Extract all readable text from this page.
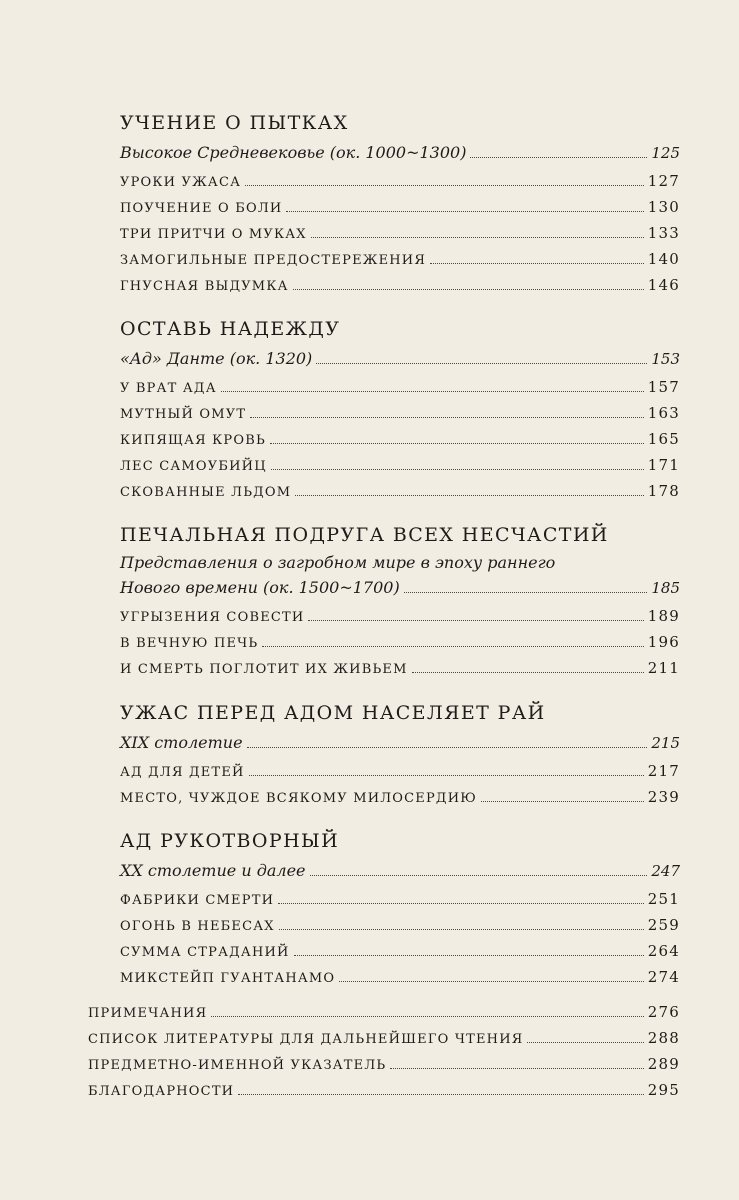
УЧЕНИЕ О ПЫТКАХ
Высокое Средневековье (ок. 1000~1300)	125
УРОКИ УЖАСА	127
ПОУЧЕНИЕ О БОЛИ	130
ТРИ ПРИТЧИ О МУКАХ	133
ЗАМОГИЛЬНЫЕ ПРЕДОСТЕРЕЖЕНИЯ	140
ГНУСНАЯ ВЫДУМКА	146
ОСТАВЬ НАДЕЖДУ
«Ад» Данте (ок. 1320)	153
У ВРАТ АДА	157
МУТНЫЙ ОМУТ	163
КИПЯЩАЯ КРОВЬ	165
ЛЕС САМОУБИЙЦ	171
СКОВАННЫЕ ЛЬДОМ	178
ПЕЧАЛЬНАЯ ПОДРУГА ВСЕХ НЕСЧАСТИЙ
Представления о загробном мире в эпоху раннего
Нового времени (ок. 1500~1700)	185
УГРЫЗЕНИЯ СОВЕСТИ	189
В ВЕЧНУЮ ПЕЧЬ	196
И СМЕРТЬ ПОГЛОТИТ ИХ ЖИВЬЕМ	211
УЖАС ПЕРЕД АДОМ НАСЕЛЯЕТ РАЙ
XIX столетие	215
АД ДЛЯ ДЕТЕЙ	217
МЕСТО, ЧУЖДОЕ ВСЯКОМУ МИЛОСЕРДИЮ	239
АД РУКОТВОРНЫЙ
XX столетие и далее	247
ФАБРИКИ СМЕРТИ	251
ОГОНЬ В НЕБЕСАХ	259
СУММА СТРАДАНИЙ	264
МИКСТЕЙП ГУАНТАНАМО	274
ПРИМЕЧАНИЯ	276
СПИСОК ЛИТЕРАТУРЫ ДЛЯ ДАЛЬНЕЙШЕГО ЧТЕНИЯ	288
ПРЕДМЕТНО-ИМЕННОЙ УКАЗАТЕЛЬ	289
БЛАГОДАРНОСТИ	295
